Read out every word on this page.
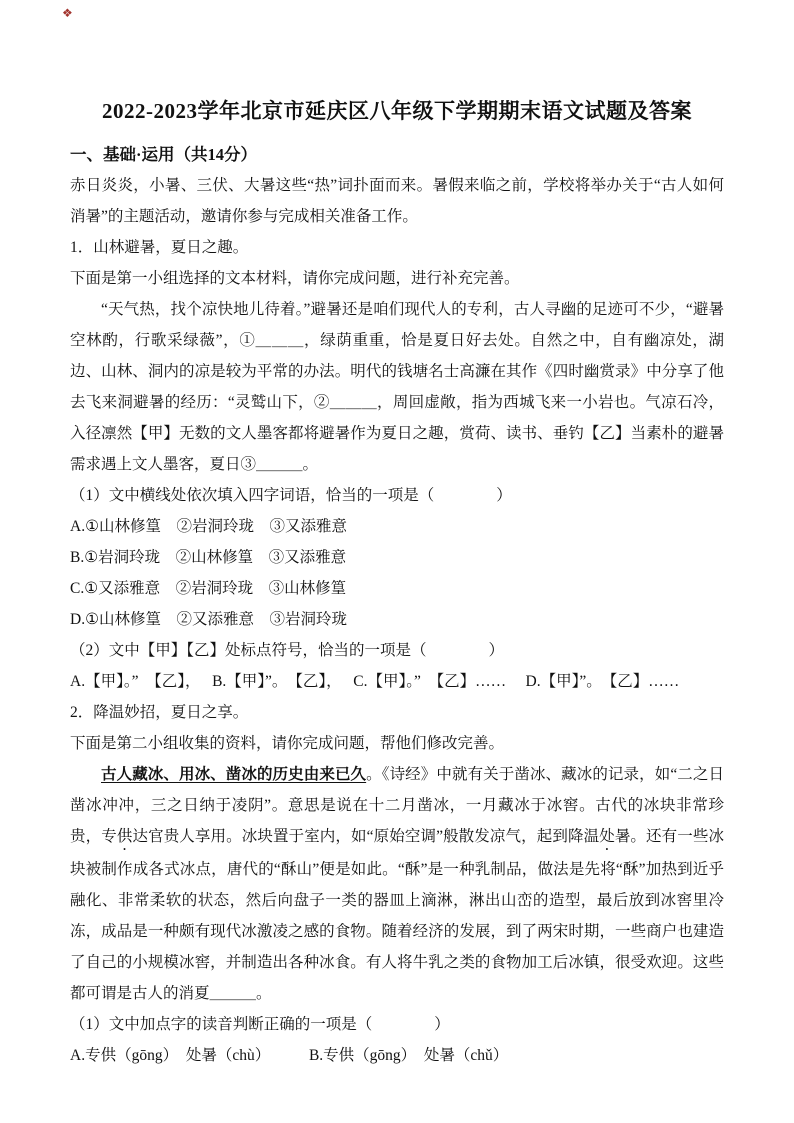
❖
2022-2023学年北京市延庆区八年级下学期期末语文试题及答案
一、基础·运用（共14分）

赤日炎炎，小暑、三伏、大暑这些“热”词扑面而来。暑假来临之前，学校将举办关于“古人如何消暑”的主题活动，邀请你参与完成相关准备工作。

1．山林避暑，夏日之趣。

下面是第一小组选择的文本材料，请你完成问题，进行补充完善。

“天气热，找个凉快地儿待着。”避暑还是咱们现代人的专利，古人寻幽的足迹可不少，“避暑空林酌，行歌采绿薇”，①＿＿＿，绿荫重重，恰是夏日好去处。自然之中，自有幽凉处，湖边、山林、洞内的凉是较为平常的办法。明代的钱塘名士高濂在其作《四时幽赏录》中分享了他去飞来洞避暑的经历：“灵鹫山下，②＿＿＿，周回虚敞，指为西城飞来一小岩也。气凉石冷，入径凛然【甲】无数的文人墨客都将避暑作为夏日之趣，赏荷、读书、垂钓【乙】当素朴的避暑需求遇上文人墨客，夏日③＿＿＿。

（1）文中横线处依次填入四字词语，恰当的一项是（　　　　）

A.①山林修篁　②岩洞玲珑　③又添雅意

B.①岩洞玲珑　②山林修篁　③又添雅意

C.①又添雅意　②岩洞玲珑　③山林修篁

D.①山林修篁　②又添雅意　③岩洞玲珑

（2）文中【甲】【乙】处标点符号，恰当的一项是（　　　　）

A.【甲】。”　【乙】，　 B.【甲】”。　【乙】，　 C.【甲】。”　【乙】……　 D.【甲】”。　【乙】……

2．降温妙招，夏日之享。

下面是第二小组收集的资料，请你完成问题，帮他们修改完善。

古人藏冰、用冰、凿冰的历史由来已久。《诗经》中就有关于凿冰、藏冰的记录，如“二之日凿冰冲冲，三之日纳于凌阴”。意思是说在十二月凿冰，一月藏冰于冰窖。古代的冰块非常珍贵，专供达官贵人享用。冰块置于室内，如“原始空调”般散发凉气，起到降温处暑。还有一些冰块被制作成各式冰点，唐代的“酥山”便是如此。“酥”是一种乳制品，做法是先将“酥”加热到近乎融化、非常柔软的状态，然后向盘子一类的器皿上滴淋，淋出山峦的造型，最后放到冰窖里冷冻，成品是一种颇有现代冰激凌之感的食物。随着经济的发展，到了两宋时期，一些商户也建造了自己的小规模冰窖，并制造出各种冰食。有人将牛乳之类的食物加工后冰镇，很受欢迎。这些都可谓是古人的消夏＿＿＿。

（1）文中加点字的读音判断正确的一项是（　　　　）

A.专供（gōng）　处暑（chù）　　　B.专供（gōng）　处暑（chǔ）
